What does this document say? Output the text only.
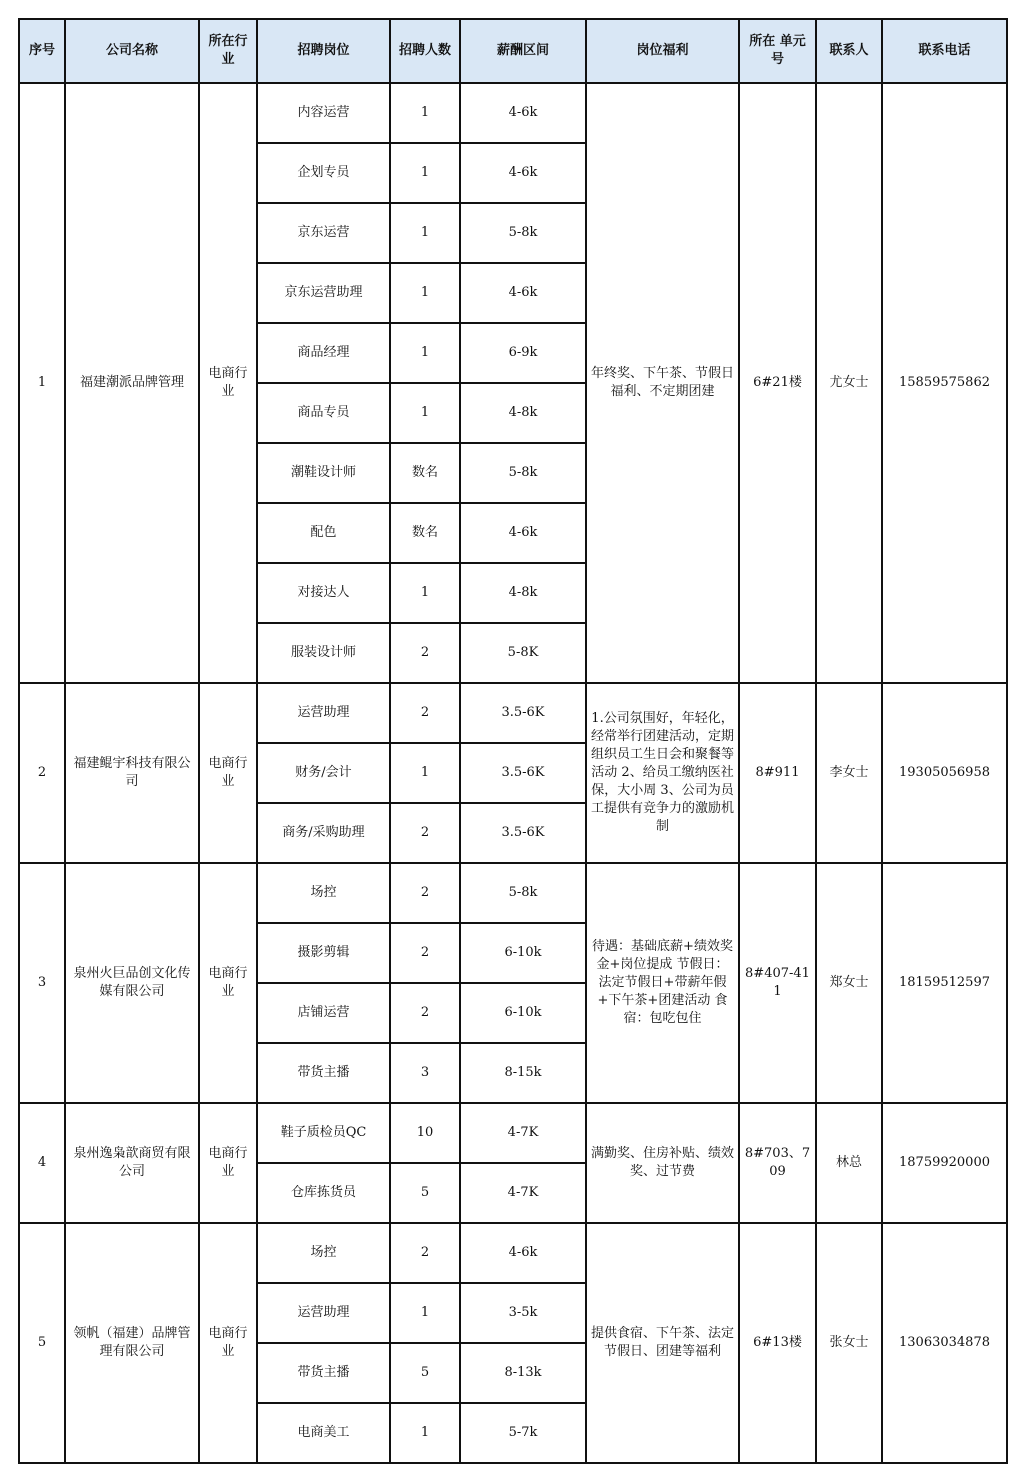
序号	公司名称	所在行业	招聘岗位	招聘人数	薪酬区间	岗位福利	所在 单元号	联系人	联系电话
1	福建潮派品牌管理	电商行业	内容运营	1	4-6k	年终奖、下午茶、节假日福利、不定期团建	6#21楼	尤女士	15859575862
			企划专员	1	4-6k				
			京东运营	1	5-8k				
			京东运营助理	1	4-6k				
			商品经理	1	6-9k				
			商品专员	1	4-8k				
			潮鞋设计师	数名	5-8k				
			配色	数名	4-6k				
			对接达人	1	4-8k				
			服装设计师	2	5-8K				
2	福建鲲宇科技有限公司	电商行业	运营助理	2	3.5-6K	1.公司氛围好，年轻化，经常举行团建活动，定期组织员工生日会和聚餐等活动 2、给员工缴纳医社保，大小周 3、公司为员工提供有竞争力的激励机制	8#911	李女士	19305056958
			财务/会计	1	3.5-6K				
			商务/采购助理	2	3.5-6K				
3	泉州火巨品创文化传媒有限公司	电商行业	场控	2	5-8k	待遇：基础底薪+绩效奖金+岗位提成 节假日：法定节假日+带薪年假+下午茶+团建活动 食宿：包吃包住	8#407-411	郑女士	18159512597
			摄影剪辑	2	6-10k				
			店铺运营	2	6-10k				
			带货主播	3	8-15k				
4	泉州逸枭歆商贸有限公司	电商行业	鞋子质检员QC	10	4-7K	满勤奖、住房补贴、绩效奖、过节费	8#703、709	林总	18759920000
			仓库拣货员	5	4-7K				
5	领帆（福建）品牌管理有限公司	电商行业	场控	2	4-6k	提供食宿、下午茶、法定节假日、团建等福利	6#13楼	张女士	13063034878
			运营助理	1	3-5k				
			带货主播	5	8-13k				
			电商美工	1	5-7k				
